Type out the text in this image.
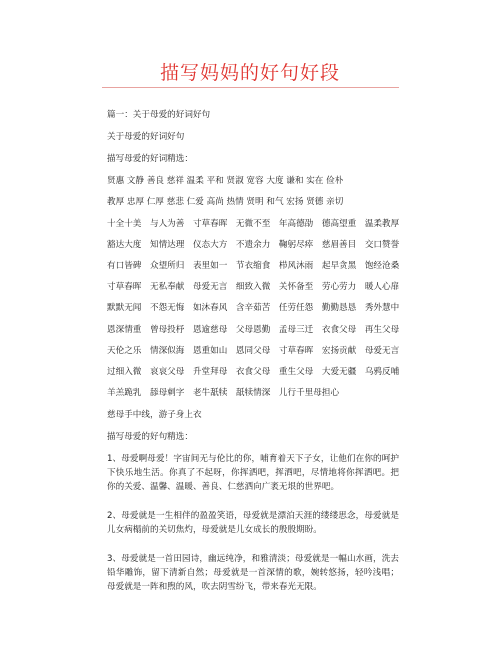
描写妈妈的好句好段
篇一：关于母爱的好词好句
关于母爱的好词好句
描写母爱的好词精选：
贤惠 文静 善良 慈祥 温柔 平和 贤淑 宽容 大度 谦和 实在 俭朴
教厚 忠厚 仁厚 慈悲 仁爱 高尚 热情 贤明 和气 宏扬 贤德 亲切
十全十美　与人为善　寸草春晖　无微不至　年高德劭　德高望重　温柔教厚
豁达大度　知情达理　仪态大方　不遗余力　鞠躬尽瘁　慈眉善目　交口赞誉
有口皆碑　众望所归　表里如一　节衣缩食　栉风沐雨　起早贪黑　饱经沧桑
寸草春晖　无私奉献　母爱无言　细致入微　关怀备至　劳心劳力　暖人心扉
默默无闻　不怨无悔　如沐春风　含辛茹苦　任劳任怨　勤勤恳恳　秀外慧中
恩深情重　曾母投杼　恩逾慈母　父母恩勤　孟母三迁　衣食父母　再生父母
天伦之乐　情深似海　恩重如山　恩同父母　寸草春晖　宏扬贡献　母爱无言
过细入微　哀哀父母　升堂拜母　衣食父母　重生父母　大爱无疆　乌鸦反哺
羊羔跪乳　舔母刺字　老牛舐犊　舐犊情深　儿行千里母担心
慈母手中线，游子身上衣
描写母爱的好句精选：
1、母爱啊母爱！字宙间无与伦比的你，哺育着天下子女，让他们在你的呵护下快乐地生活。你真了不起呀，你挥洒吧，挥洒吧，尽情地将你挥洒吧。把你的关爱、温馨、温暖、善良、仁慈洒向广袤无垠的世界吧。
2、母爱就是一生相伴的盈盈笑语，母爱就是漂泊天涯的缕缕思念，母爱就是儿女病榻前的关切焦灼，母爱就是儿女成长的殷殷期盼。
3、母爱就是一首田园诗，幽远纯净，和雅清淡；母爱就是一幅山水画，洗去铅华雕饰，留下清新自然；母爱就是一首深情的歌，婉转悠扬，轻吟浅唱；母爱就是一阵和煦的风，吹去阴雪纷飞，带来春光无限。
